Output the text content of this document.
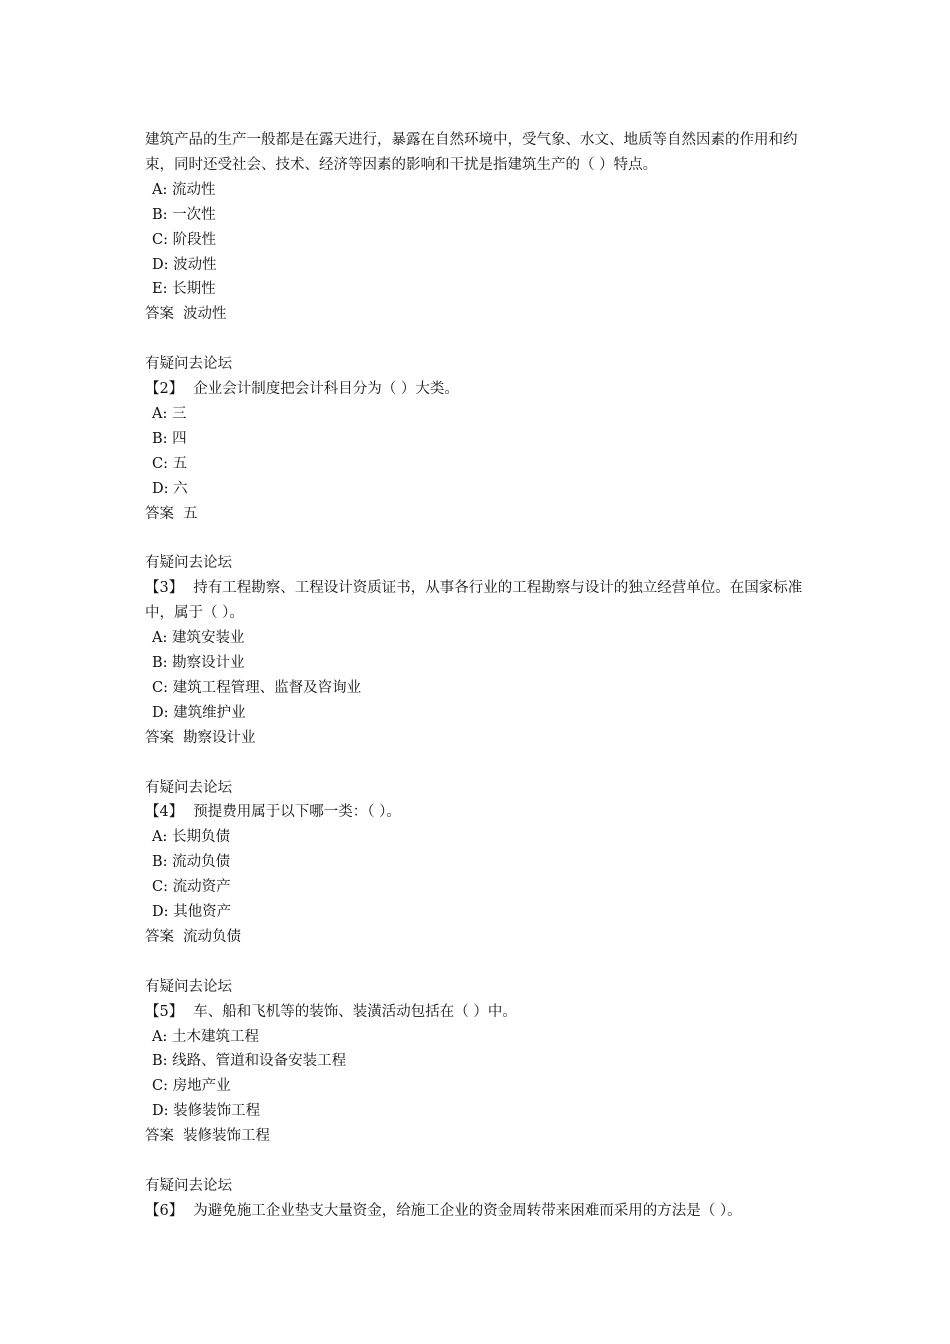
建筑产品的生产一般都是在露天进行，暴露在自然环境中，受气象、水文、地质等自然因素的作用和约束，同时还受社会、技术、经济等因素的影响和干扰是指建筑生产的（ ）特点。

A: 流动性

B: 一次性

C: 阶段性

D: 波动性

E: 长期性

答案 波动性

有疑问去论坛

【2】 企业会计制度把会计科目分为（ ）大类。

A: 三

B: 四

C: 五

D: 六

答案 五

有疑问去论坛

【3】 持有工程勘察、工程设计资质证书，从事各行业的工程勘察与设计的独立经营单位。在国家标准中，属于（ ）。

A: 建筑安装业

B: 勘察设计业

C: 建筑工程管理、监督及咨询业

D: 建筑维护业

答案 勘察设计业

有疑问去论坛

【4】 预提费用属于以下哪一类：（ ）。

A: 长期负债

B: 流动负债

C: 流动资产

D: 其他资产

答案 流动负债

有疑问去论坛

【5】 车、船和飞机等的装饰、装潢活动包括在（ ）中。

A: 土木建筑工程

B: 线路、管道和设备安装工程

C: 房地产业

D: 装修装饰工程

答案 装修装饰工程

有疑问去论坛

【6】 为避免施工企业垫支大量资金，给施工企业的资金周转带来困难而采用的方法是（ ）。
